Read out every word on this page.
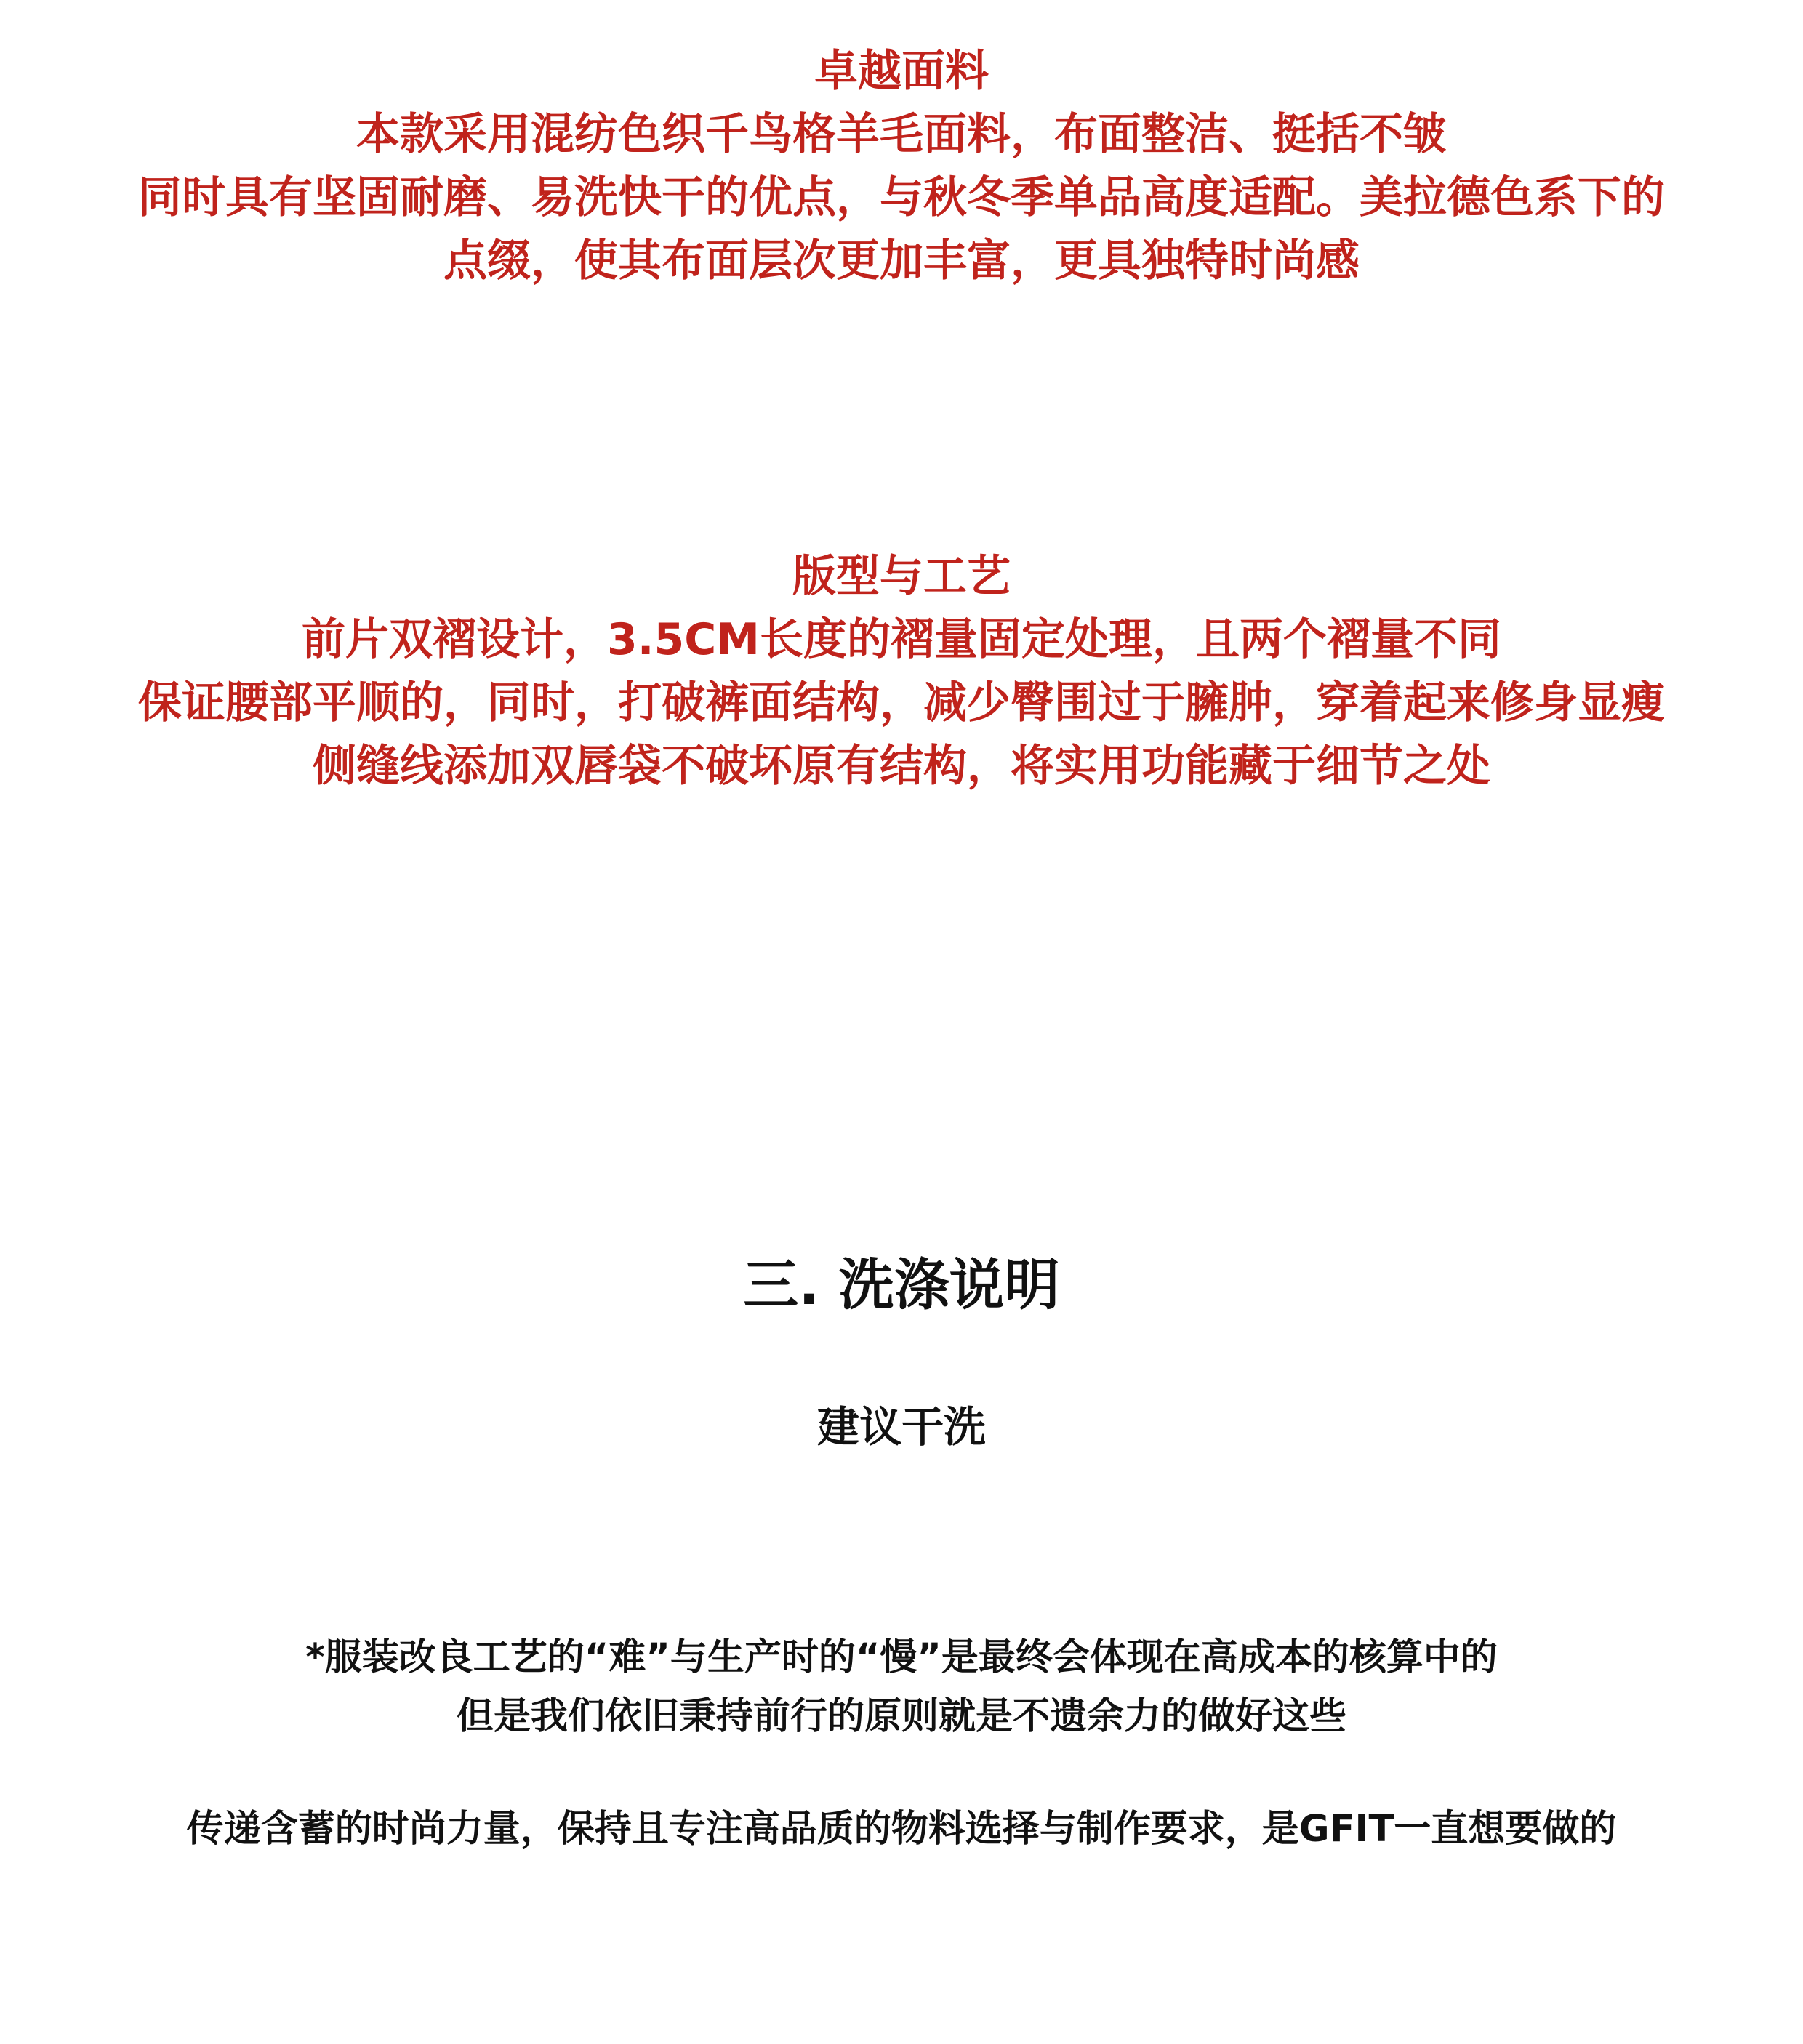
卓越面料
本款采用混纺色织千鸟格羊毛面料，布面整洁、挺括不皱
同时具有坚固耐磨、易洗快干的优点，与秋冬季单品高度适配。美拉德色系下的
点缀，使其布面层次更加丰富，更具独特时尚感
版型与工艺
前片双褶设计，3.5CM长度的褶量固定处理，且两个褶量不同
保证腰部平顺的，同时，打破裤面结构，减少臀围过于臃肿，穿着起来修身显瘦
侧缝线添加双唇袋不破坏原有结构，将实用功能藏于细节之处
三. 洗涤说明
建议干洗
*服装改良工艺的“难”与生产时的“慢”是最终会体现在高成本的核算中的
但是我们依旧秉持前行的原则就是不遗余力的做好这些
传递含蓄的时尚力量，保持且专注高品质的物料选择与制作要求，是GFIT一直想要做的
